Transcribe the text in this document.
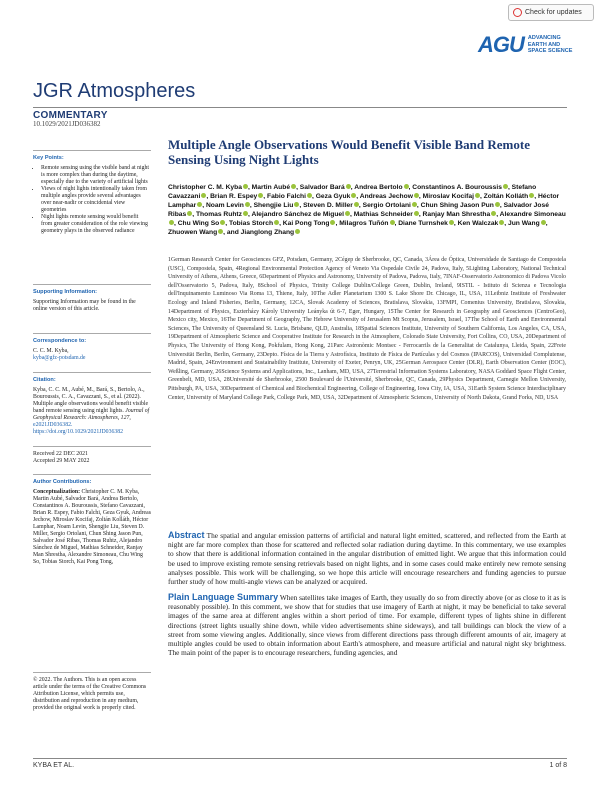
Check for updates
AGU ADVANCING
EARTH AND
SPACE SCIENCE
JGR Atmospheres
COMMENTARY
10.1029/2021JD036382
Key Points:
• Remote sensing using the visible band at night is more complex than during the daytime, especially due to the variety of artificial lights
• Views of night lights intentionally taken from multiple angles provide several advantages over near-nadir or coincidental view geometries
• Night lights remote sensing would benefit from greater consideration of the role viewing geometry plays in the observed radiance
Supporting Information:
Supporting Information may be found in the online version of this article.
Correspondence to:
C. C. M. Kyba,
kyba@gfz-potsdam.de
Citation:
Kyba, C. C. M., Aubé, M., Bará, S., Bertolo, A., Bouroussis, C. A., Cavazzani, S., et al. (2022). Multiple angle observations would benefit visible band remote sensing using night lights. Journal of Geophysical Research: Atmospheres, 127, e2021JD036382. https://doi.org/10.1029/2021JD036382
Received 22 DEC 2021
Accepted 29 MAY 2022
Author Contributions:
Conceptualization: Christopher C. M. Kyba, Martin Aubé, Salvador Bará, Andrea Bertolo, Constantinos A. Bouroussis, Stefano Cavazzani, Brian R. Espey, Fabio Falchi, Geza Gyuk, Andreas Jechow, Miroslav Kocifaj, Zoltán Kolláth, Héctor Lamphar, Noam Levin, Shengjie Liu, Steven D. Miller, Sergio Ortolani, Chun Shing Jason Pun, Salvador José Ribas, Thomas Ruhtz, Alejandro Sánchez de Miguel, Mathias Schneider, Ranjay Man Shrestha, Alexandre Simoneau, Chu Wing So, Tobias Storch, Kai Pong Tong,
© 2022. The Authors. This is an open access article under the terms of the Creative Commons Attribution License, which permits use, distribution and reproduction in any medium, provided the original work is properly cited.
Multiple Angle Observations Would Benefit Visible Band Remote Sensing Using Night Lights
Christopher C. M. Kyba , Martin Aubé , Salvador Bará , Andrea Bertolo , Constantinos A. Bouroussis , Stefano Cavazzani , Brian R. Espey , Fabio Falchi , Geza Gyuk , Andreas Jechow , Miroslav Kocifaj , Zoltán Kolláth , Héctor Lamphar , Noam Levin , Shengjie Liu , Steven D. Miller , Sergio Ortolani , Chun Shing Jason Pun , Salvador José Ribas , Thomas Ruhtz , Alejandro Sánchez de Miguel , Mathias Schneider , Ranjay Man Shrestha , Alexandre Simoneau, Chu Wing So , Tobias Storch , Kai Pong Tong , Milagros Tuñón , Diane Turnshek , Ken Walczak , Jun Wang , Zhuowen Wang , and Jianglong Zhang
1German Research Center for Geosciences GFZ, Potsdam, Germany, 2Cégep de Sherbrooke, QC, Canada, 3Área de Óptica, Universidade de Santiago de Compostela (USC), Compostela, Spain, 4Regional Environmental Protection Agency of Veneto Via Ospedale Civile 24, Padova, Italy, 5Lighting Laboratory, National Technical University of Athens, Athens, Greece, 6Department of Physics and Astronomy, University of Padova, Padova, Italy, 7INAF-Osservatorio Astronomico di Padova Vicolo dell'Osservatorio 5, Padova, Italy, 8School of Physics, Trinity College Dublin/College Green, Dublin, Ireland, 9ISTIL - Istituto di Scienza e Tecnologia dell'Inquinamento Luminoso Via Roma 13, Thiene, Italy, 10The Adler Planetarium 1300 S. Lake Shore Dr. Chicago, IL, USA, 11Leibniz Institute of Freshwater Ecology and Inland Fisheries, Berlin, Germany, 12CA, Slovak Academy of Sciences, Bratislava, Slovakia, 13FMPI, Comenius University, Bratislava, Slovakia, 14Department of Physics, Eszterházy Károly University Leányka út 6-7, Eger, Hungary, 15The Center for Research in Geography and Geosciences (CentroGeo), Mexico city, Mexico, 16The Department of Geography, The Hebrew University of Jerusalem Mt Scopus, Jerusalem, Israel, 17The School of Earth and Environmental Sciences, The University of Queensland St. Lucia, Brisbane, QLD, Australia, 18Spatial Sciences Institute, University of Southern California, Los Angeles, CA, USA, 19Department of Atmospheric Science and Cooperative Institute for Research in the Atmosphere, Colorado State University, Fort Collins, CO, USA, 20Department of Physics, The University of Hong Kong, Pokfulam, Hong Kong, 21Parc Astronòmic Montsec - Ferrocarrils de la Generalitat de Catalunya, Lleida, Spain, 22Freie Universität Berlin, Berlin, Germany, 23Depto. Física de la Tierra y Astrofísica, Instituto de Física de Partículas y del Cosmos (IPARCOS), Universidad Complutense, Madrid, Spain, 24Environment and Sustainability Institute, University of Exeter, Penryn, UK, 25German Aerospace Center (DLR), Earth Observation Center (EOC), Weßling, Germany, 26Science Systems and Applications, Inc., Lanham, MD, USA, 27Terrestrial Information Systems Laboratory, NASA Goddard Space Flight Center, Greenbelt, MD, USA, 28Université de Sherbrooke, 2500 Boulevard de l'Université, Sherbrooke, QC, Canada, 29Physics Department, Carnegie Mellon University, Pittsburgh, PA, USA, 30Department of Chemical and Biochemical Engineering, College of Engineering, Iowa City, IA, USA, 31Earth System Science Interdisciplinary Center, University of Maryland College Park, College Park, MD, USA, 32Department of Atmospheric Sciences, University of North Dakota, Grand Forks, ND, USA
Abstract The spatial and angular emission patterns of artificial and natural light emitted, scattered, and reflected from the Earth at night are far more complex than those for scattered and reflected solar radiation during daytime. In this commentary, we use examples to show that there is additional information contained in the angular distribution of emitted light. We argue that this information could be used to improve existing remote sensing retrievals based on night lights, and in some cases could make entirely new remote sensing analyses possible. This work will be challenging, so we hope this article will encourage researchers and funding agencies to pursue further study of how multi-angle views can be analyzed or acquired.
Plain Language Summary When satellites take images of Earth, they usually do so from directly above (or as close to it as is reasonably possible). In this comment, we show that for studies that use imagery of Earth at night, it may be beneficial to take several images of the same area at different angles within a short period of time. For example, different types of lights shine in different directions (street lights usually shine down, while video advertisements shine sideways), and tall buildings can block the view of a street from some viewing angles. Additionally, since views from different directions pass through different amounts of air, imagery at multiple angles could be used to obtain information about Earth's atmosphere, and measure artificial and natural night sky brightness. The main point of the paper is to encourage researchers, funding agencies, and
KYBA ET AL.	1 of 8
